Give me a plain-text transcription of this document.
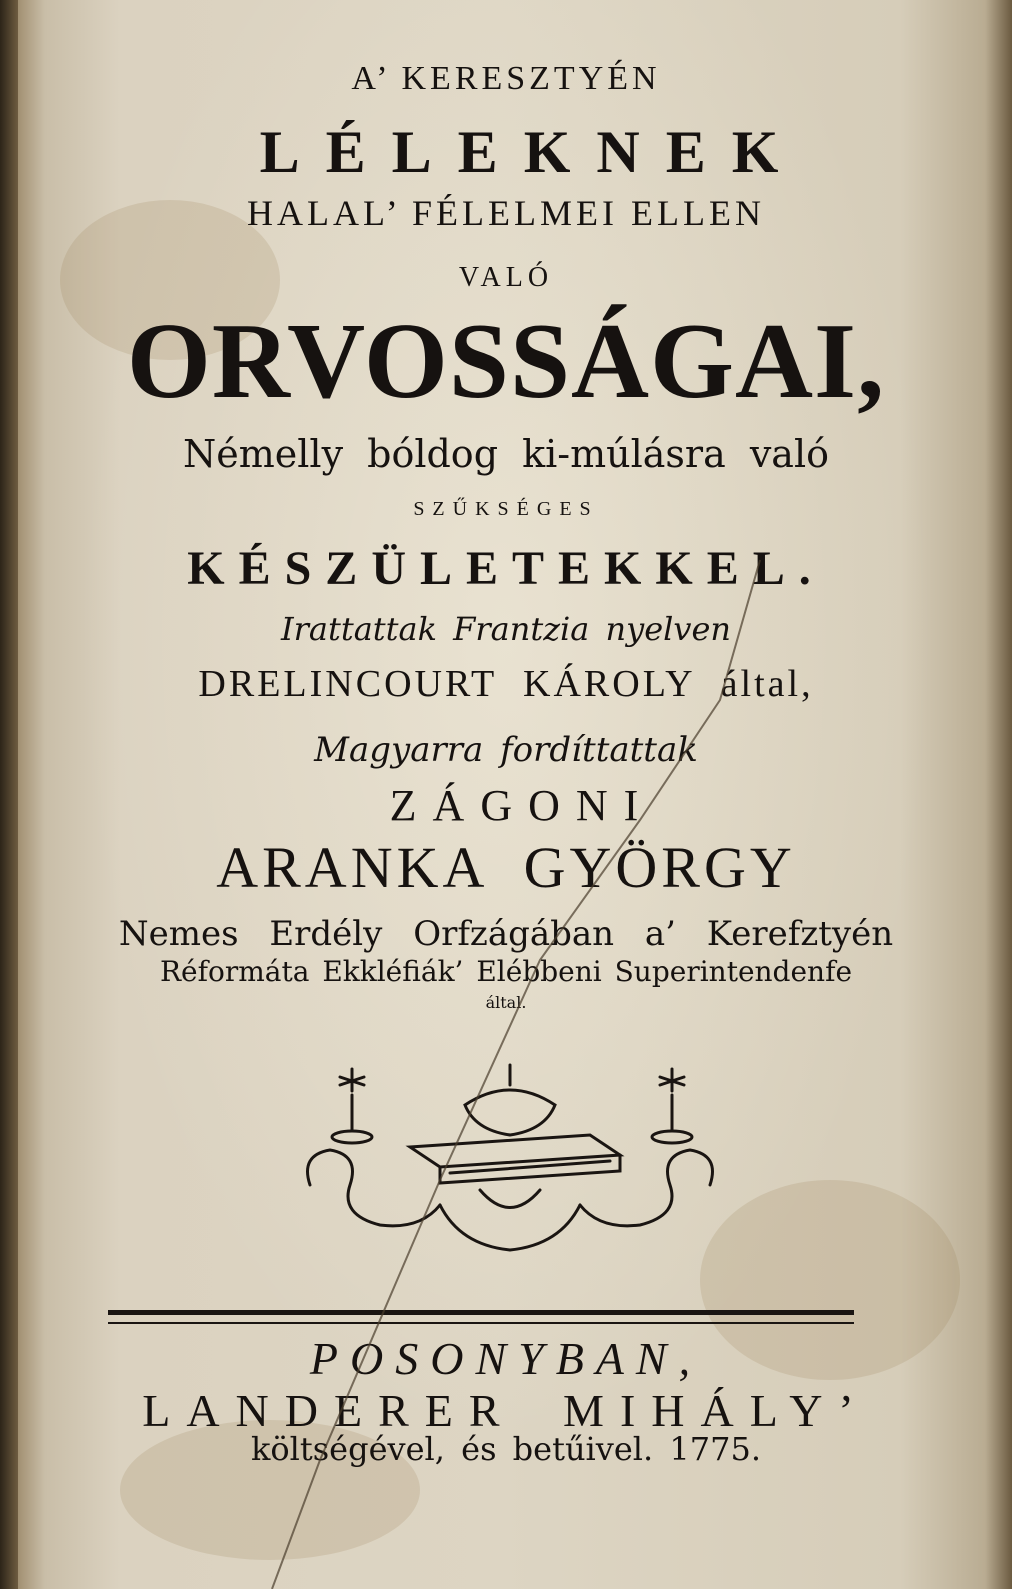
A’ KERESZTYÉN
LÉLEKNEK
HALAL’ FÉLELMEI ELLEN
VALÓ
ORVOSSÁGAI,
Némelly bóldog ki-múlásra való
SZŰKSÉGES
KÉSZÜLETEKKEL.
Irattattak Frantzia nyelven
DRELINCOURT KÁROLY által,
Magyarra fordíttattak
ZÁGONI
ARANKA GYÖRGY
Nemes Erdély Orfzágában a’ Kerefztyén
Réformáta Ekkléfiák’ Elébbeni Superintendenfe
által.
POSONYBAN,
LANDERER MIHÁLY’
költségével, és betűivel. 1775.
